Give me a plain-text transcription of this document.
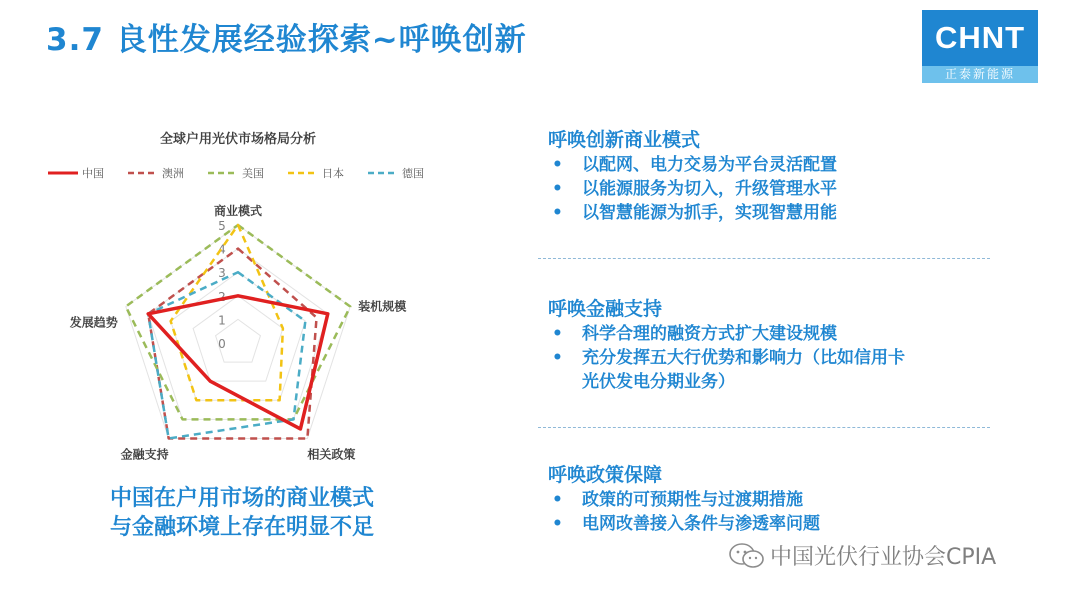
3.7 良性发展经验探索~呼唤创新	CHNT
正泰新能源
全球户用光伏市场格局分析
中国	澳洲	美国	日本	德国
0
1
2
3
4
5
商业模式
装机规模
相关政策
金融支持
发展趋势
中国在户用市场的商业模式
与金融环境上存在明显不足
呼唤创新商业模式
• 以配网、电力交易为平台灵活配置
• 以能源服务为切入，升级管理水平
• 以智慧能源为抓手，实现智慧用能
呼唤金融支持
• 科学合理的融资方式扩大建设规模
• 充分发挥五大行优势和影响力（比如信用卡
光伏发电分期业务）
呼唤政策保障
• 政策的可预期性与过渡期措施
• 电网改善接入条件与渗透率问题
中国光伏行业协会CPIA
